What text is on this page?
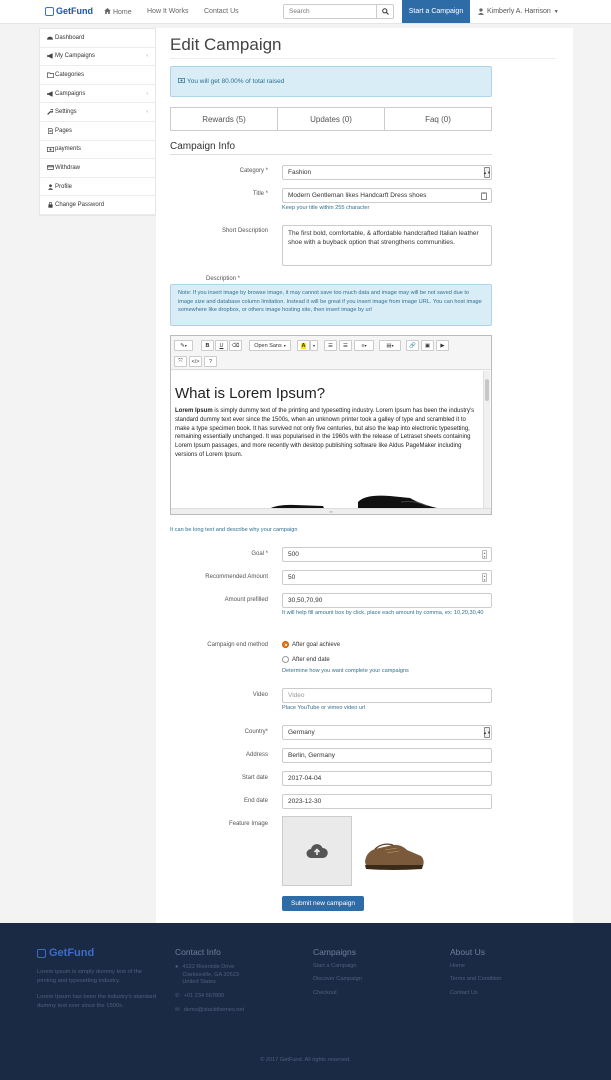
GetFund	Home How It Works Contact Us
Search	Start a Campaign	Kimberly A. Harrison ▼
Dashboard
My Campaigns	‹
Categories
Campaigns	‹
Settings	‹
Pages
payments
Withdraw
Profile
Change Password
Edit Campaign
You will get 80.00% of total raised
Rewards (5)	Updates (0)	Faq (0)
Campaign Info
Category *	Fashion	▲▼
Title *	Modern Gentleman likes Handcarft Dress shoes
Keep your title within 255 character
Short Description	The first bold, comfortable, & affordable handcrafted Italian leather shoe with a buyback option that strengthens communities.
Description *
Note: If you insert image by browse image, it may cannot save too much data and image may will be not saved due to image size and database column limitation. Instead it will be great if you insert image from image URL. You can host image somewhere like dropbox, or others image hosting site, then insert image by url
✎ ▾	B	U	⌫	Open Sans ▾	A ▾ ☰ ☰ ≡ ▾	▤ ▾	🔗 ▣ ▶
⤧ </> ?
What is Lorem Ipsum?
Lorem Ipsum is simply dummy text of the printing and typesetting industry. Lorem Ipsum has been the industry's standard dummy text ever since the 1500s, when an unknown printer took a galley of type and scrambled it to make a type specimen book. It has survived not only five centuries, but also the leap into electronic typesetting, remaining essentially unchanged. It was popularised in the 1960s with the release of Letraset sheets containing Lorem Ipsum passages, and more recently with desktop publishing software like Aldus PageMaker including versions of Lorem Ipsum.
═
It can be long text and describe why your campaign
Goal *	500	▲
▼
Recommended Amount	50	▲
▼
Amount prefilled	30,50,70,90
It will help fill amount box by click, place each amount by comma, ex: 10,20,30,40
Campaign end method	After goal achieve
After end date
Determine how you want complete your campaigns
Video	Video
Place YouTube or vimeo video url
Country*	Germany	▲▼
Address	Berlin, Germany
Start date	2017-04-04
End date	2023-12-30
Feature Image
Submit new campaign
GetFund
Lorem ipsum is simply dummy text of the printing and typesetting industry.
Lorem Ipsum has been the industry's standard dummy text ever since the 1500s.
Contact Info
● 4122 Riverside Drive Clarkesville, GA 30523 United States
✆ +01 234 567890
✉ demo@stackthemes.net
Campaigns
Start a Campaign
Discover Campaign
Checkout
About Us
Home
Terms and Condition
Contact Us
© 2017 GetFund. All rights reserved.
